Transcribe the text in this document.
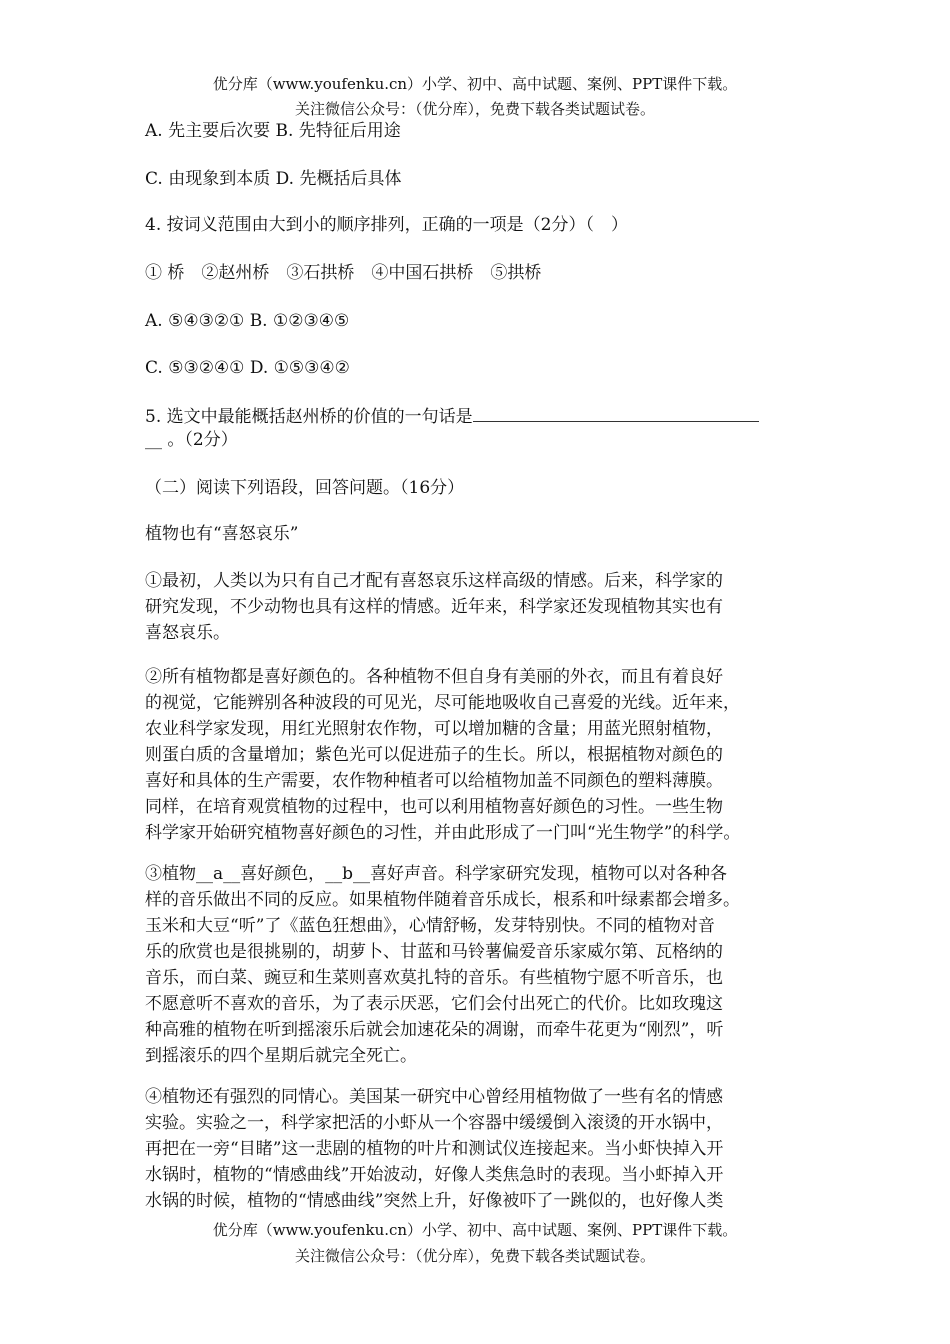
优分库（www.youfenku.cn）小学、初中、高中试题、案例、PPT课件下载。
关注微信公众号：（优分库），免费下载各类试题试卷。
A. 先主要后次要 B. 先特征后用途
C. 由现象到本质 D. 先概括后具体
4. 按词义范围由大到小的顺序排列，正确的一项是（2分）（　）
① 桥　②赵州桥　③石拱桥　④中国石拱桥　⑤拱桥
A. ⑤④③②① B. ①②③④⑤
C. ⑤③②④① D. ①⑤③④②
5. 选文中最能概括赵州桥的价值的一句话是
__ 。（2分）
（二）阅读下列语段，回答问题。（16分）
植物也有“喜怒哀乐”

①最初，人类以为只有自己才配有喜怒哀乐这样高级的情感。后来，科学家的

研究发现，不少动物也具有这样的情感。近年来，科学家还发现植物其实也有

喜怒哀乐。

②所有植物都是喜好颜色的。各种植物不但自身有美丽的外衣，而且有着良好

的视觉，它能辨别各种波段的可见光，尽可能地吸收自己喜爱的光线。近年来，

农业科学家发现，用红光照射农作物，可以增加糖的含量；用蓝光照射植物，

则蛋白质的含量增加；紫色光可以促进茄子的生长。所以，根据植物对颜色的

喜好和具体的生产需要，农作物种植者可以给植物加盖不同颜色的塑料薄膜。

同样，在培育观赏植物的过程中，也可以利用植物喜好颜色的习性。一些生物

科学家开始研究植物喜好颜色的习性，并由此形成了一门叫“光生物学”的科学。

③植物__a__喜好颜色，__b__喜好声音。科学家研究发现，植物可以对各种各

样的音乐做出不同的反应。如果植物伴随着音乐成长，根系和叶绿素都会增多。

玉米和大豆“听”了《蓝色狂想曲》，心情舒畅，发芽特别快。不同的植物对音

乐的欣赏也是很挑剔的，胡萝卜、甘蓝和马铃薯偏爱音乐家威尔第、瓦格纳的

音乐，而白菜、豌豆和生菜则喜欢莫扎特的音乐。有些植物宁愿不听音乐，也

不愿意听不喜欢的音乐，为了表示厌恶，它们会付出死亡的代价。比如玫瑰这

种高雅的植物在听到摇滚乐后就会加速花朵的凋谢，而牵牛花更为“刚烈”，听

到摇滚乐的四个星期后就完全死亡。

④植物还有强烈的同情心。美国某一研究中心曾经用植物做了一些有名的情感

实验。实验之一，科学家把活的小虾从一个容器中缓缓倒入滚烫的开水锅中，

再把在一旁“目睹”这一悲剧的植物的叶片和测试仪连接起来。当小虾快掉入开

水锅时，植物的“情感曲线”开始波动，好像人类焦急时的表现。当小虾掉入开

水锅的时候，植物的“情感曲线”突然上升，好像被吓了一跳似的，也好像人类

优分库（www.youfenku.cn）小学、初中、高中试题、案例、PPT课件下载。
关注微信公众号：（优分库），免费下载各类试题试卷。
